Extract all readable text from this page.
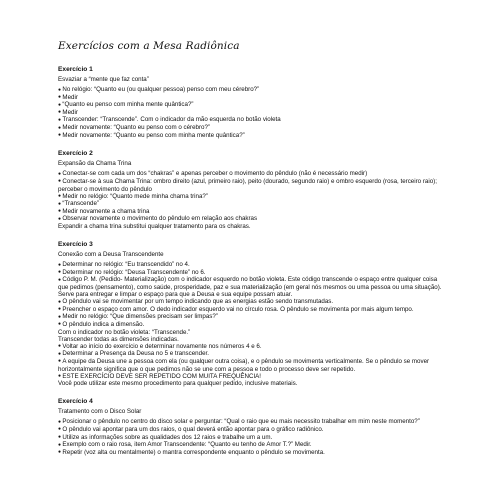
Exercícios com a Mesa Radiônica
Exercício 1
Esvaziar a “mente que faz conta”
● No relógio: “Quanto eu (ou qualquer pessoa) penso com meu cérebro?”
● Medir
● “Quanto eu penso com minha mente quântica?”
● Medir
● Transcender: “Transcende”. Com o indicador da mão esquerda no botão violeta
● Medir novamente: “Quanto eu penso com o cérebro?”
● Medir novamente: “Quanto eu penso com minha mente quântica?”
Exercício 2
Expansão da Chama Trina
● Conectar-se com cada um dos “chakras” e apenas perceber o movimento do pêndulo (não é necessário medir)
● Conectar-se à sua Chama Trina: ombro direito (azul, primeiro raio), peito (dourado, segundo raio) e ombro esquerdo (rosa, terceiro raio); perceber o movimento do pêndulo
● Medir no relógio: “Quanto mede minha chama trina?”
● “Transcende”
● Medir novamente a chama trina
● Observar novamente o movimento do pêndulo em relação aos chakras
Expandir a chama trina substitui qualquer tratamento para os chakras.
Exercício 3
Conexão com a Deusa Transcendente
● Determinar no relógio: “Eu transcendido” no 4.
● Determinar no relógio: “Deusa Transcendente” no 6.
● Código P. M. (Pedido- Materialização) com o indicador esquerdo no botão violeta. Este código transcende o espaço entre qualquer coisa que pedimos (pensamento), como saúde, prosperidade, paz e sua materialização (em geral nós mesmos ou uma pessoa ou uma situação). Serve para entregar e limpar o espaço para que a Deusa e sua equipe possam atuar.
● O pêndulo vai se movimentar por um tempo indicando que as energias estão sendo transmutadas.
● Preencher o espaço com amor. O dedo indicador esquerdo vai no círculo rosa. O pêndulo se movimenta por mais algum tempo.
● Medir no relógio: “Que dimensões precisam ser limpas?”
● O pêndulo indica a dimensão.
Com o indicador no botão violeta: “Transcende.”
Transcender todas as dimensões indicadas.
● Voltar ao início do exercício e determinar novamente nos números 4 e 6.
● Determinar a Presença da Deusa no 5 e transcender.
● A equipe da Deusa une a pessoa com ela (ou qualquer outra coisa), e o pêndulo se movimenta verticalmente. Se o pêndulo se mover horizontalmente significa que o que pedimos não se une com a pessoa e todo o processo deve ser repetido.
● ESTE EXERCÍCIO DEVE SER REPETIDO COM MUITA FREQUÊNCIA!
Você pode utilizar este mesmo procedimento para qualquer pedido, inclusive materiais.
Exercício 4
Tratamento com o Disco Solar
● Posicionar o pêndulo no centro do disco solar e perguntar: “Qual o raio que eu mais necessito trabalhar em mim neste momento?”
● O pêndulo vai apontar para um dos raios, o qual deverá então apontar para o gráfico radiônico.
● Utilize as informações sobre as qualidades dos 12 raios e trabalhe um a um.
● Exemplo com o raio rosa, item Amor Transcendente: “Quanto eu tenho de Amor T.?” Medir.
● Repetir (voz alta ou mentalmente) o mantra correspondente enquanto o pêndulo se movimenta.
